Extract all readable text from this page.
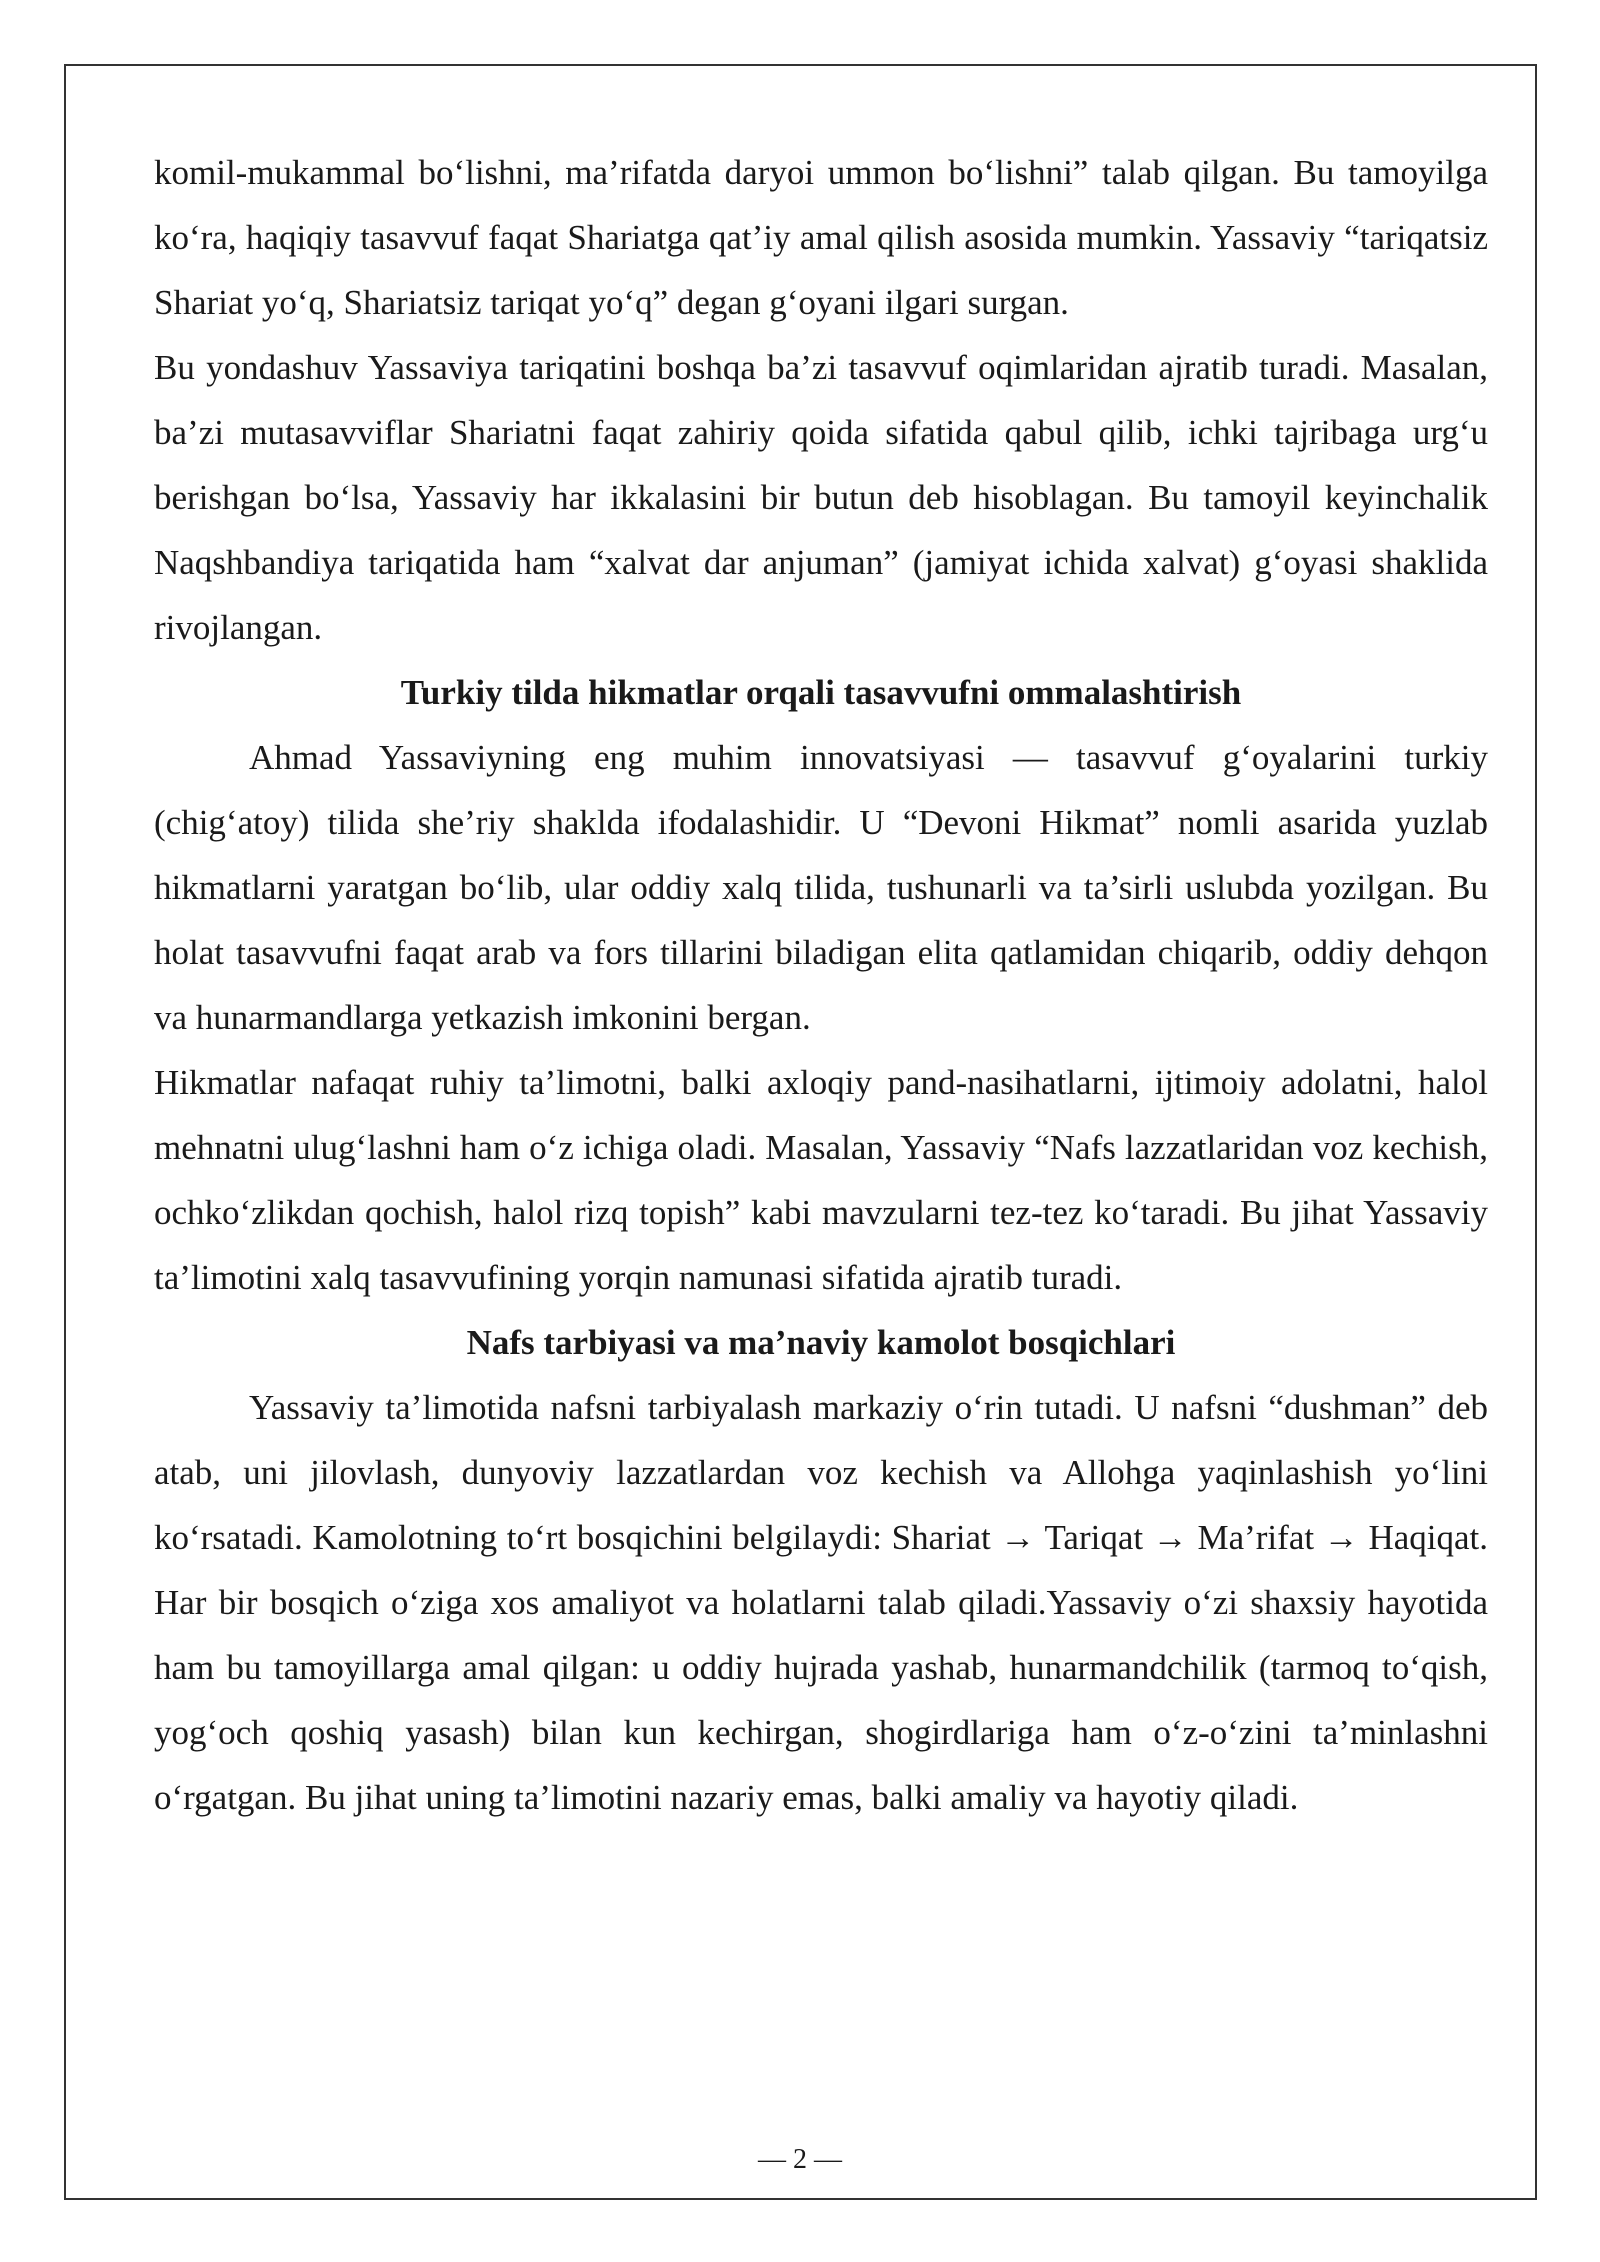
komil-mukammal bo‘lishni, ma’rifatda daryoi ummon bo‘lishni” talab qilgan. Bu tamoyilga ko‘ra, haqiqiy tasavvuf faqat Shariatga qat’iy amal qilish asosida mumkin. Yassaviy “tariqatsiz Shariat yo‘q, Shariatsiz tariqat yo‘q” degan g‘oyani ilgari surgan.

Bu yondashuv Yassaviya tariqatini boshqa ba’zi tasavvuf oqimlaridan ajratib turadi. Masalan, ba’zi mutasavviflar Shariatni faqat zahiriy qoida sifatida qabul qilib, ichki tajribaga urg‘u berishgan bo‘lsa, Yassaviy har ikkalasini bir butun deb hisoblagan. Bu tamoyil keyinchalik Naqshbandiya tariqatida ham “xalvat dar anjuman” (jamiyat ichida xalvat) g‘oyasi shaklida rivojlangan.

Turkiy tilda hikmatlar orqali tasavvufni ommalashtirish

Ahmad Yassaviyning eng muhim innovatsiyasi — tasavvuf g‘oyalarini turkiy (chig‘atoy) tilida she’riy shaklda ifodalashidir. U “Devoni Hikmat” nomli asarida yuzlab hikmatlarni yaratgan bo‘lib, ular oddiy xalq tilida, tushunarli va ta’sirli uslubda yozilgan. Bu holat tasavvufni faqat arab va fors tillarini biladigan elita qatlamidan chiqarib, oddiy dehqon va hunarmandlarga yetkazish imkonini bergan.

Hikmatlar nafaqat ruhiy ta’limotni, balki axloqiy pand-nasihatlarni, ijtimoiy adolatni, halol mehnatni ulug‘lashni ham o‘z ichiga oladi. Masalan, Yassaviy “Nafs lazzatlaridan voz kechish, ochko‘zlikdan qochish, halol rizq topish” kabi mavzularni tez-tez ko‘taradi. Bu jihat Yassaviy ta’limotini xalq tasavvufining yorqin namunasi sifatida ajratib turadi.

Nafs tarbiyasi va ma’naviy kamolot bosqichlari

Yassaviy ta’limotida nafsni tarbiyalash markaziy o‘rin tutadi. U nafsni “dushman” deb atab, uni jilovlash, dunyoviy lazzatlardan voz kechish va Allohga yaqinlashish yo‘lini ko‘rsatadi. Kamolotning to‘rt bosqichini belgilaydi: Shariat → Tariqat → Ma’rifat → Haqiqat. Har bir bosqich o‘ziga xos amaliyot va holatlarni talab qiladi.Yassaviy o‘zi shaxsiy hayotida ham bu tamoyillarga amal qilgan: u oddiy hujrada yashab, hunarmandchilik (tarmoq to‘qish, yog‘och qoshiq yasash) bilan kun kechirgan, shogirdlariga ham o‘z-o‘zini ta’minlashni o‘rgatgan. Bu jihat uning ta’limotini nazariy emas, balki amaliy va hayotiy qiladi.

— 2 —
